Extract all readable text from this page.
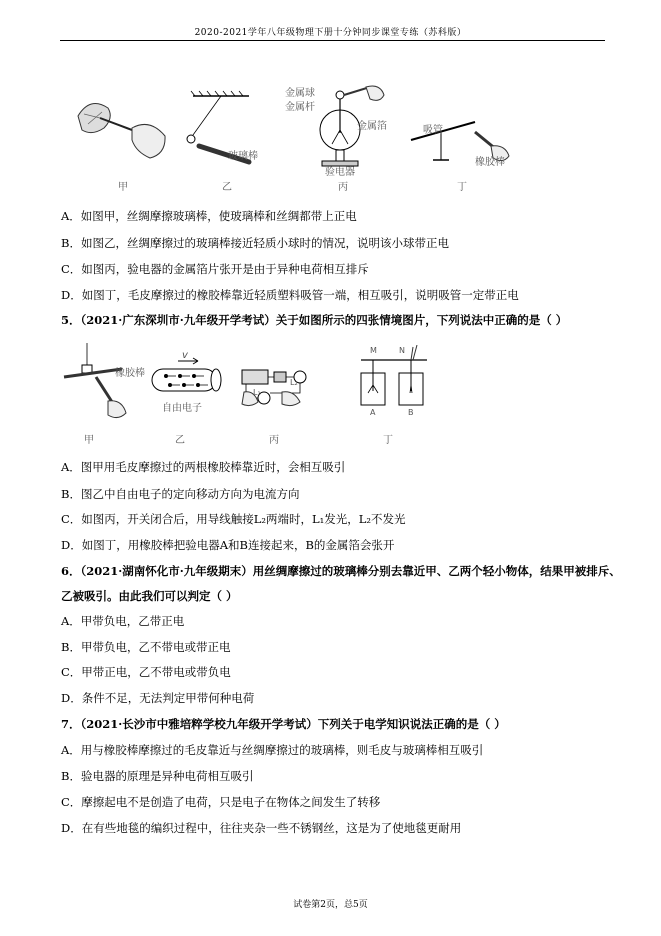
2020-2021学年八年级物理下册十分钟同步课堂专练（苏科版）
玻璃棒
金属球
金属杆
金属箔
验电器
吸管
橡胶棒
甲	乙	丙	丁
A．如图甲，丝绸摩擦玻璃棒，使玻璃棒和丝绸都带上正电
B．如图乙，丝绸摩擦过的玻璃棒接近轻质小球时的情况，说明该小球带正电
C．如图丙，验电器的金属箔片张开是由于异种电荷相互排斥
D．如图丁，毛皮摩擦过的橡胶棒靠近轻质塑料吸管一端，相互吸引，说明吸管一定带正电
5．（2021·广东深圳市·九年级开学考试）关于如图所示的四张情境图片，下列说法中正确的是（ ）
橡胶棒
v
自由电子
L₁
L₂
M	N
A	B
甲	乙	丙	丁
A．图甲用毛皮摩擦过的两根橡胶棒靠近时，会相互吸引
B．图乙中自由电子的定向移动方向为电流方向
C．如图丙，开关闭合后，用导线触接L₂两端时，L₁发光，L₂不发光
D．如图丁，用橡胶棒把验电器A和B连接起来，B的金属箔会张开
6．（2021·湖南怀化市·九年级期末）用丝绸摩擦过的玻璃棒分别去靠近甲、乙两个轻小物体，结果甲被排斥、
乙被吸引。由此我们可以判定（ ）
A．甲带负电，乙带正电
B．甲带负电，乙不带电或带正电
C．甲带正电，乙不带电或带负电
D．条件不足，无法判定甲带何种电荷
7．（2021·长沙市中雅培粹学校九年级开学考试）下列关于电学知识说法正确的是（ ）
A．用与橡胶棒摩擦过的毛皮靠近与丝绸摩擦过的玻璃棒，则毛皮与玻璃棒相互吸引
B．验电器的原理是异种电荷相互吸引
C．摩擦起电不是创造了电荷，只是电子在物体之间发生了转移
D．在有些地毯的编织过程中，往往夹杂一些不锈钢丝，这是为了使地毯更耐用
试卷第2页，总5页
